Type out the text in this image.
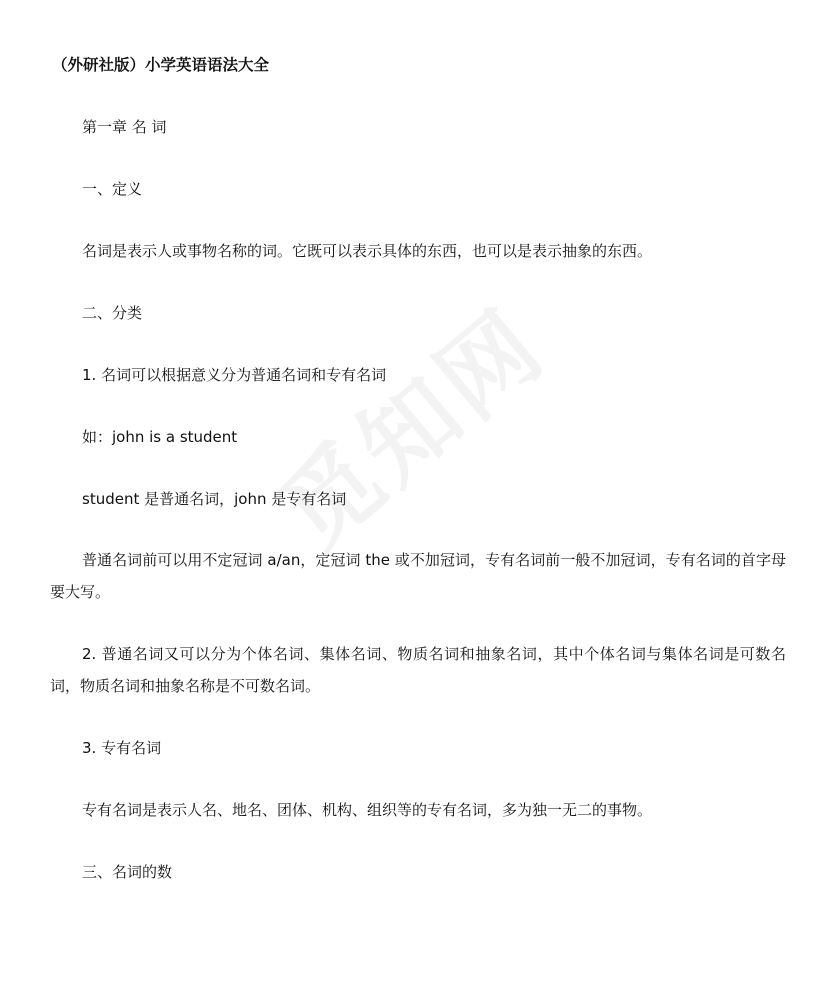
（外研社版）小学英语语法大全

第一章 名 词

一、定义

名词是表示人或事物名称的词。它既可以表示具体的东西，也可以是表示抽象的东西。

二、分类

1. 名词可以根据意义分为普通名词和专有名词

如：john is a student

student 是普通名词，john 是专有名词

普通名词前可以用不定冠词 a/an，定冠词 the 或不加冠词，专有名词前一般不加冠词，专有名词的首字母要大写。

2. 普通名词又可以分为个体名词、集体名词、物质名词和抽象名词，其中个体名词与集体名词是可数名词，物质名词和抽象名称是不可数名词。

3. 专有名词

专有名词是表示人名、地名、团体、机构、组织等的专有名词，多为独一无二的事物。

三、名词的数
